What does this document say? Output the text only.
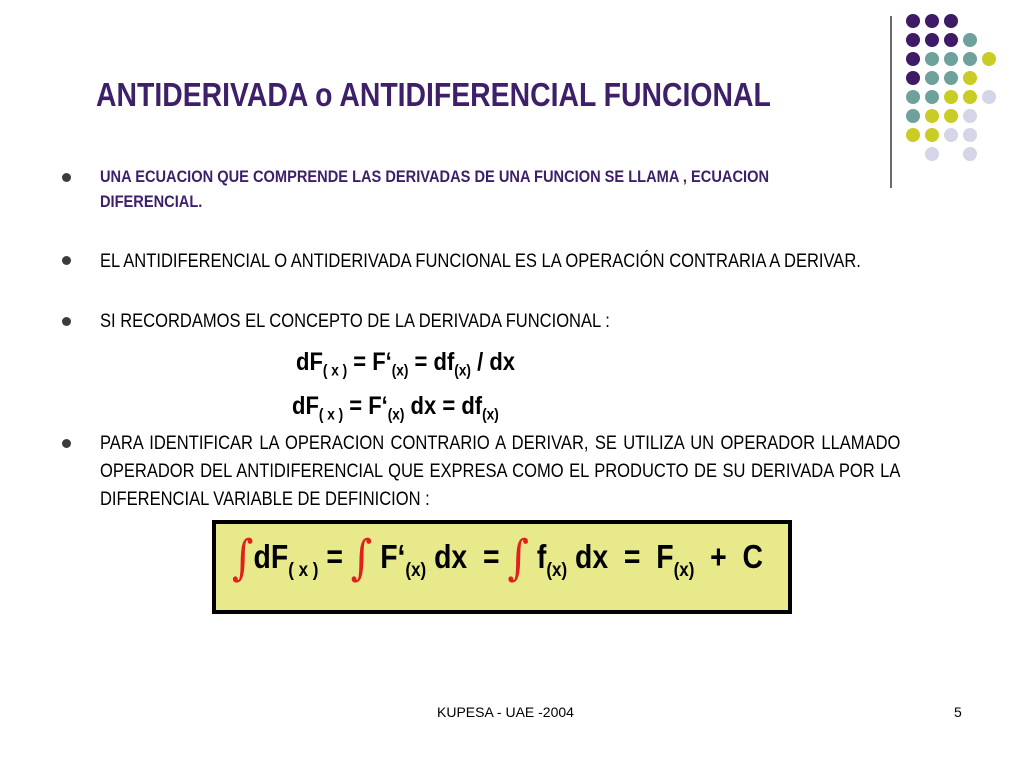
ANTIDERIVADA o ANTIDIFERENCIAL FUNCIONAL

UNA ECUACION QUE COMPRENDE LAS DERIVADAS DE UNA FUNCION SE LLAMA , ECUACION DIFERENCIAL.

EL ANTIDIFERENCIAL O ANTIDERIVADA FUNCIONAL ES LA OPERACIÓN CONTRARIA A DERIVAR.

SI RECORDAMOS EL CONCEPTO DE LA DERIVADA FUNCIONAL :

$dF_{( x )}$ = $F‘_{(x)} = df_{(x)}$ / dx

$dF_{( x )}$ = $F‘_{(x)}$ dx = $df_{(x)}$

PARA IDENTIFICAR LA OPERACION CONTRARIO A DERIVAR, SE UTILIZA UN OPERADOR LLAMADO OPERADOR DEL ANTIDIFERENCIAL QUE EXPRESA COMO EL PRODUCTO DE SU DERIVADA POR LA DIFERENCIAL VARIABLE DE DEFINICION :

$\int dF_{( x )}$ = ∫ $F‘_{(x)}$ dx  = ∫ $f_{(x)}$ dx  =  $F_{(x)} + C$

KUPESA - UAE -2004	5
